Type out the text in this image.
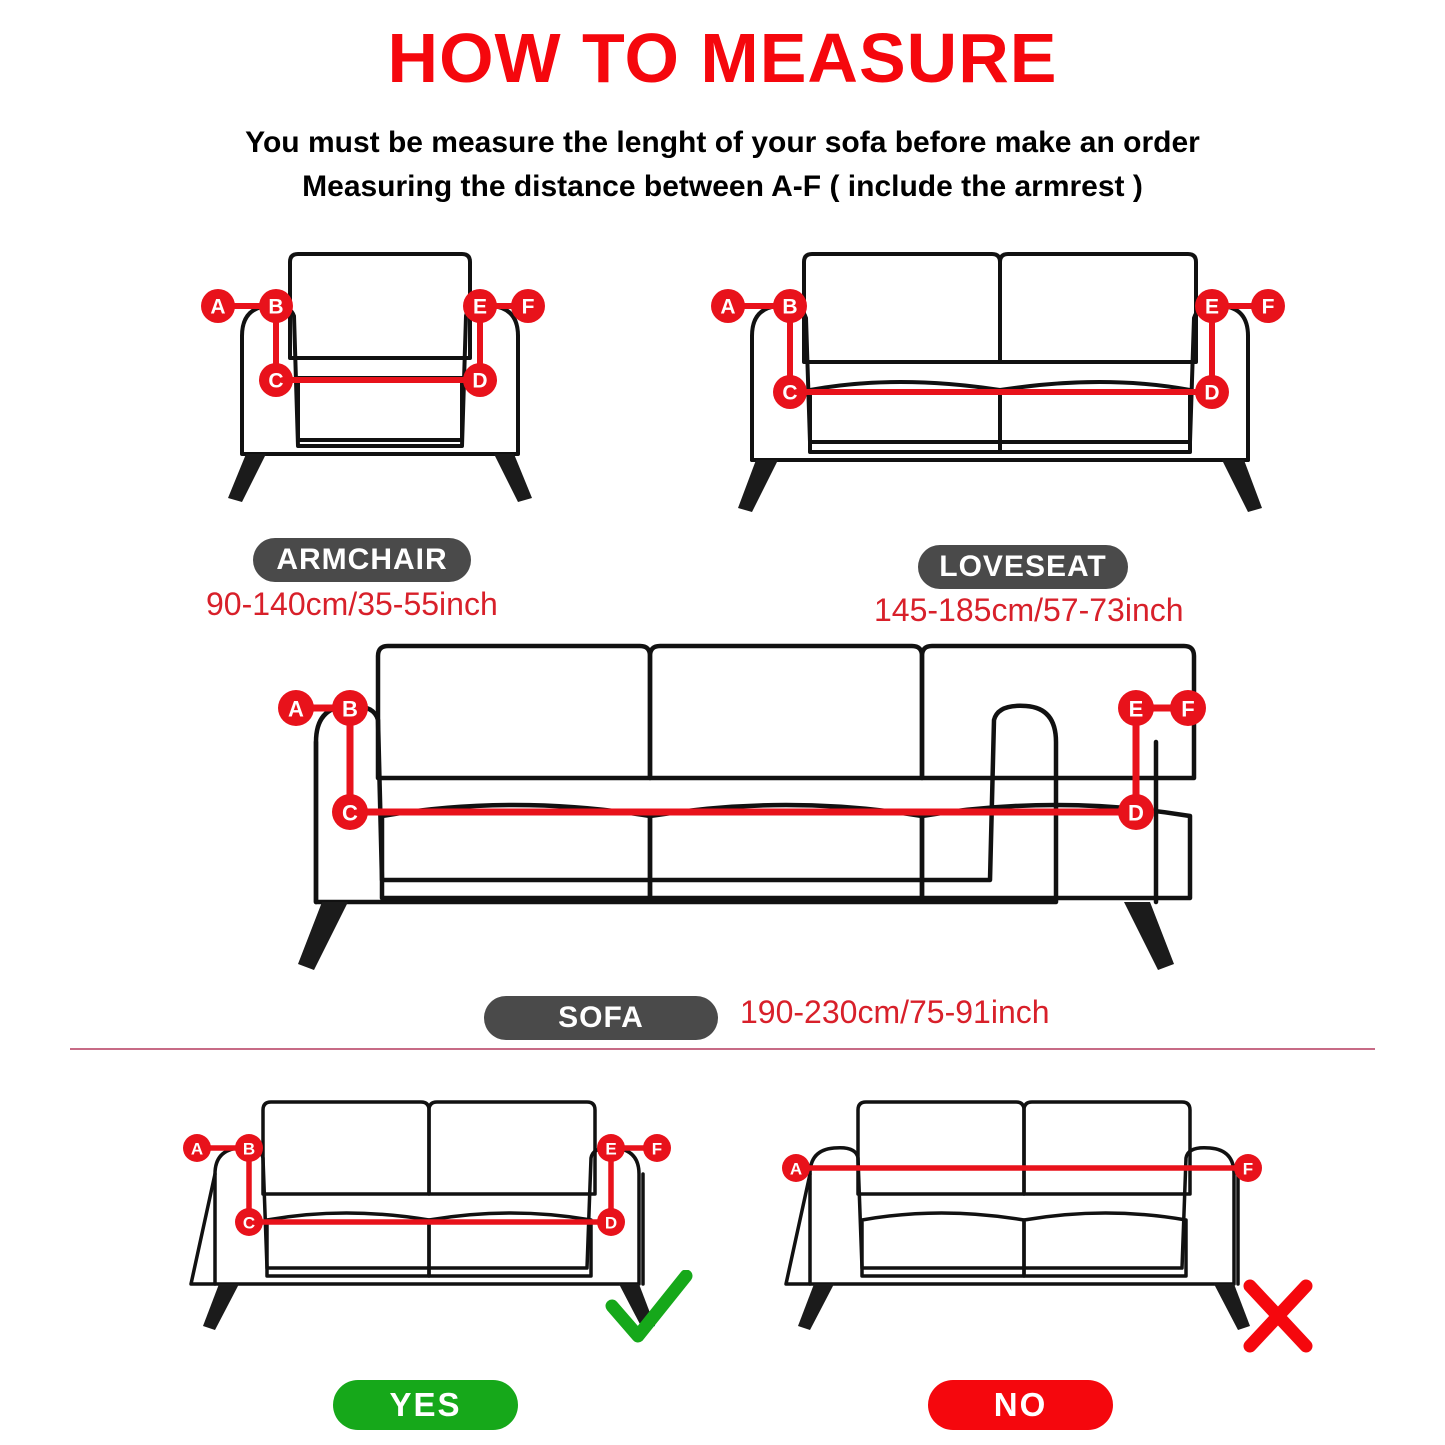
HOW TO MEASURE
You must be measure the lenght of your sofa before make an order
Measuring the distance between A-F ( include the armrest )
A B
C	D
E F
ARMCHAIR
90-140cm/35-55inch
A B
C	D
E F
LOVESEAT
145-185cm/57-73inch
A B
C	D
E F
SOFA	190-230cm/75-91inch
A B
C	D
E F
YES
A	F
NO
